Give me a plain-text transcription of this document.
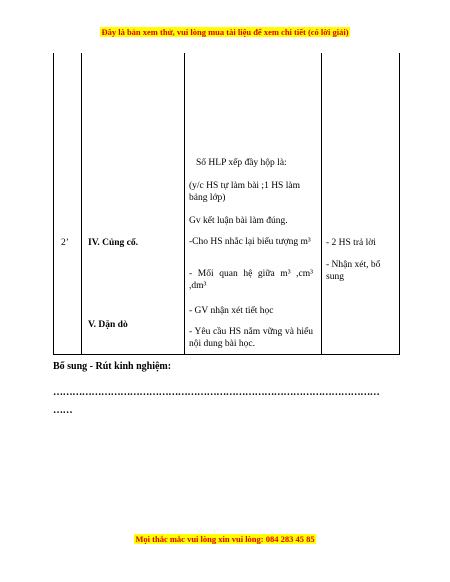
Đây là bản xem thử, vui lòng mua tài liệu để xem chi tiết (có lời giải)
2’ IV. Củng cố.
V. Dặn dò
Số HLP xếp đầy hộp là:
(y/c HS tự làm bài ;1 HS làm bảng lớp)
Gv kết luận bài làm đúng.
-Cho HS nhắc lại biểu tượng m³
- Mối quan hệ giữa m³ ,cm³ ,dm³
- GV nhận xét tiết học
- Yêu cầu HS nắm vững và hiểu nội dung bài học.
- 2 HS trả lời
- Nhận xét, bổ sung
Bổ sung - Rút kinh nghiệm:
…………………………………………………………………………………………
……
Mọi thắc mắc vui lòng xin vui lòng: 084 283 45 85
